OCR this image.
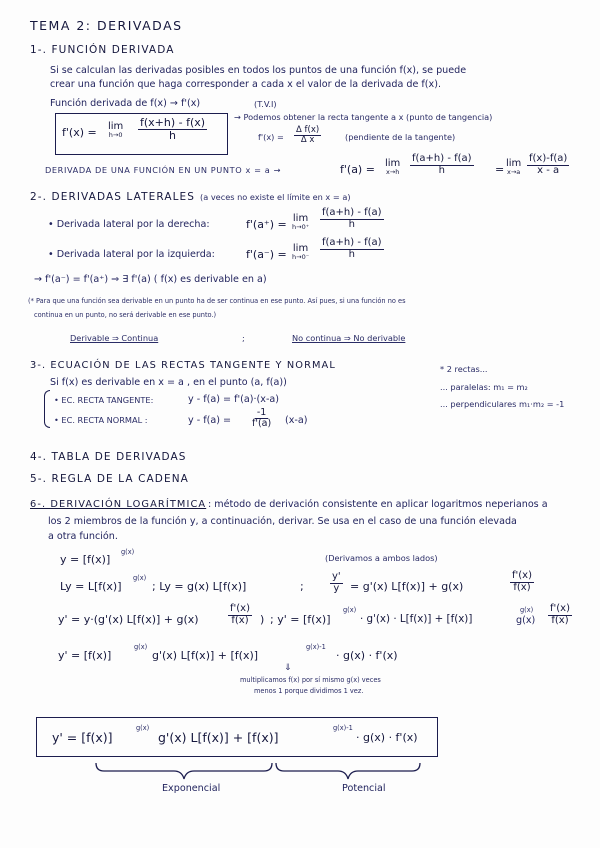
TEMA 2: DERIVADAS
1-. FUNCIÓN DERIVADA
Si se calculan las derivadas posibles en todos los puntos de una función f(x), se puede
crear una función que haga corresponder a cada x el valor de la derivada de f(x).
Función derivada de f(x) → f'(x)	(T.V.I)
f'(x) = lim
$h\to 0 \frac{f(x+h) - f(x)}{h}$	→ Podemos obtener la recta tangente a x (punto de tangencia)
$f'(x) = \frac{\text{Δ f(x)}}{\text{Δ x}}$	(pendiente de la tangente)
DERIVADA DE UNA FUNCIÓN EN UN PUNTO x = a →	f'(a) = lim
$x\to h \frac{f(a+h) - f(a)}{h} = \lim$
$x\to a \frac{f(x)-f(a)}{x - a}$
2-. DERIVADAS LATERALES (a veces no existe el límite en x = a)
• Derivada lateral por la derecha:	f'(a⁺) = lim
$h\to 0^+ \frac{f(a+h) - f(a)}{h}$
• Derivada lateral por la izquierda:	f'(a⁻) = lim
$h\to 0^- \frac{f(a+h) - f(a)}{h}$
→ f'(a⁻) = f'(a⁺) ⇒ ∃ f'(a) ( f(x) es derivable en a)
(* Para que una función sea derivable en un punto ha de ser continua en ese punto. Así pues, si una función no es
continua en un punto, no será derivable en ese punto.)
Derivable ⇒ Continua	;	No continua ⇒ No derivable
3-. ECUACIÓN DE LAS RECTAS TANGENTE Y NORMAL
Si f(x) es derivable en x = a , en el punto (a, f(a))
• EC. RECTA TANGENTE:	y - f(a) = f'(a)·(x-a)
• EC. RECTA NORMAL :	$y - f(a) = \frac{-1}{f'(a)} (x-a)$
* 2 rectas...
... paralelas: m₁ = m₂
... perpendiculares m₁·m₂ = -1
4-. TABLA DE DERIVADAS
5-. REGLA DE LA CADENA
6-. DERIVACIÓN LOGARÍTMICA : método de derivación consistente en aplicar logaritmos neperianos a
los 2 miembros de la función y, a continuación, derivar. Se usa en el caso de una función elevada
a otra función.
y = [f(x)]
g(x)
(Derivamos a ambos lados)
Ly = L[f(x)]
g(x)
; Ly = g(x) L[f(x)]	;	$\frac{y'}{y} = g'(x) L[f(x)] + g(x)$	$\frac{f'(x)}{f(x)}$
y' = y·(g'(x) L[f(x)] + g(x)	$\frac{f'(x)}{f(x)}$ ) ; y' = [f(x)]
g(x)
· g'(x) · L[f(x)] + [f(x)]
g(x)
$g(x) \frac{f'(x)}{f(x)}$
y' = [f(x)]
g(x)
g'(x) L[f(x)] + [f(x)]
g(x)-1
· g(x) · f'(x)
⇓
multiplicamos f(x) por sí mismo g(x) veces
menos 1 porque dividimos 1 vez.
y' = [f(x)]
g(x)
g'(x) L[f(x)] + [f(x)]
g(x)-1
· g(x) · f'(x)
Exponencial	Potencial
